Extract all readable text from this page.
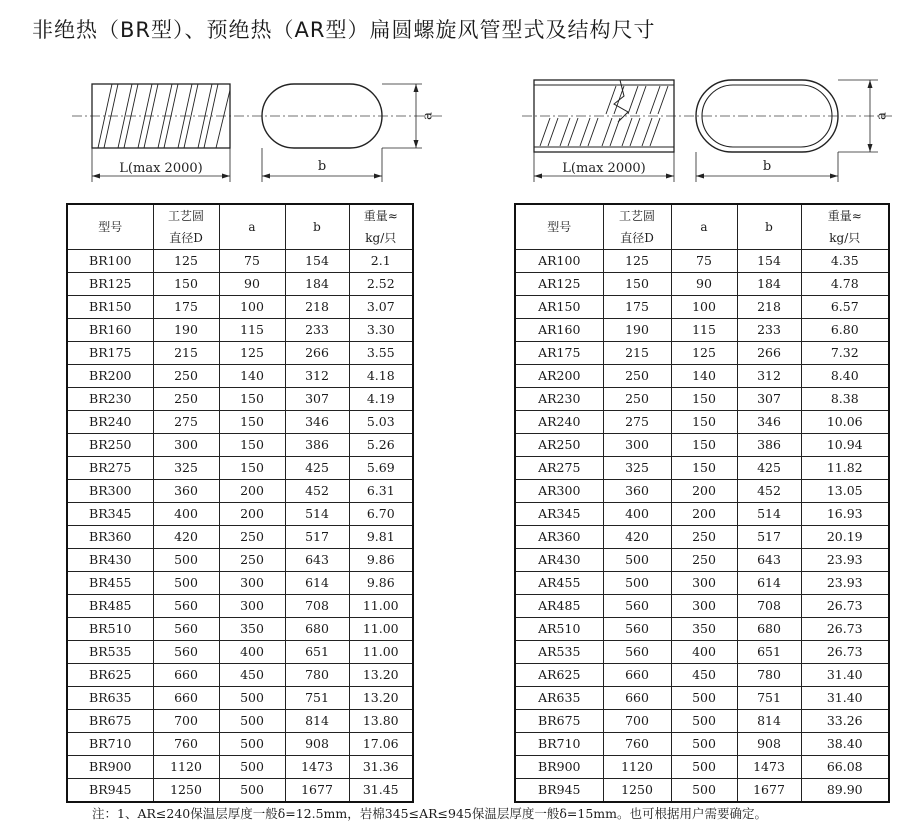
非绝热（BR型）、预绝热（AR型）扁圆螺旋风管型式及结构尺寸
L(max 2000)	b
a
L(max 2000)	b
a
型号	工艺圆	a	b	重量≈
	直径D			kg/只
BR100	125	75	154	2.1
BR125	150	90	184	2.52
BR150	175	100	218	3.07
BR160	190	115	233	3.30
BR175	215	125	266	3.55
BR200	250	140	312	4.18
BR230	250	150	307	4.19
BR240	275	150	346	5.03
BR250	300	150	386	5.26
BR275	325	150	425	5.69
BR300	360	200	452	6.31
BR345	400	200	514	6.70
BR360	420	250	517	9.81
BR430	500	250	643	9.86
BR455	500	300	614	9.86
BR485	560	300	708	11.00
BR510	560	350	680	11.00
BR535	560	400	651	11.00
BR625	660	450	780	13.20
BR635	660	500	751	13.20
BR675	700	500	814	13.80
BR710	760	500	908	17.06
BR900	1120	500	1473	31.36
BR945	1250	500	1677	31.45
型号	工艺圆	a	b	重量≈
	直径D			kg/只
AR100	125	75	154	4.35
AR125	150	90	184	4.78
AR150	175	100	218	6.57
AR160	190	115	233	6.80
AR175	215	125	266	7.32
AR200	250	140	312	8.40
AR230	250	150	307	8.38
AR240	275	150	346	10.06
AR250	300	150	386	10.94
AR275	325	150	425	11.82
AR300	360	200	452	13.05
AR345	400	200	514	16.93
AR360	420	250	517	20.19
AR430	500	250	643	23.93
AR455	500	300	614	23.93
AR485	560	300	708	26.73
AR510	560	350	680	26.73
AR535	560	400	651	26.73
AR625	660	450	780	31.40
AR635	660	500	751	31.40
BR675	700	500	814	33.26
BR710	760	500	908	38.40
BR900	1120	500	1473	66.08
BR945	1250	500	1677	89.90
注：1、AR≤240保温层厚度一般δ=12.5mm，岩棉345≤AR≤945保温层厚度一般δ=15mm。也可根据用户需要确定。
